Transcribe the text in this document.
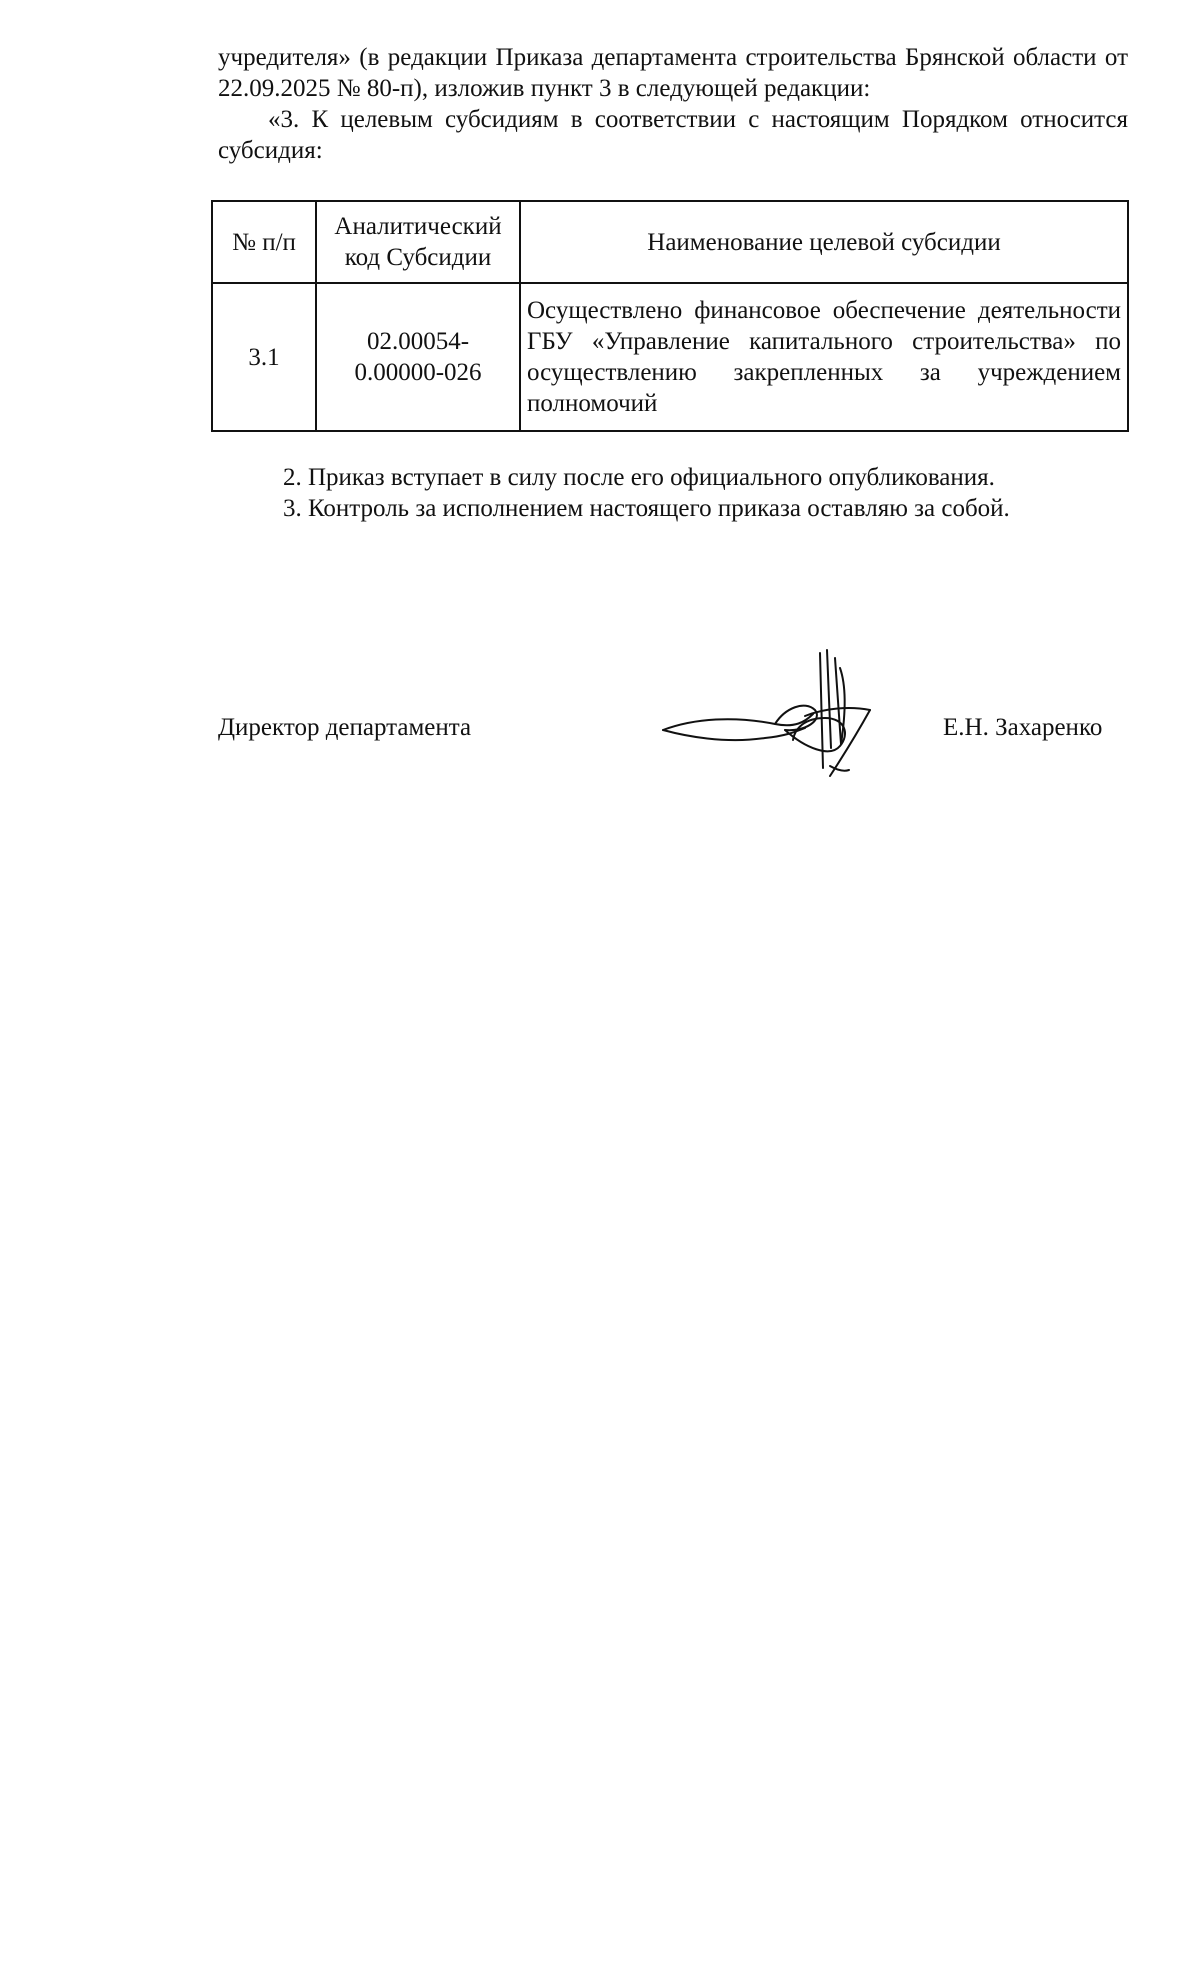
учредителя» (в редакции Приказа департамента строительства Брянской области от 22.09.2025 № 80-п), изложив пункт 3 в следующей редакции:

«3. К целевым субсидиям в соответствии с настоящим Порядком относится субсидия:

№ п/п	Аналитический код Субсидии	Наименование целевой субсидии
3.1	02.00054-0.00000-026	Осуществлено финансовое обеспечение деятельности ГБУ «Управление капитального строительства» по осуществлению закрепленных за учреждением полномочий

2. Приказ вступает в силу после его официального опубликования.

3. Контроль за исполнением настоящего приказа оставляю за собой.

Директор департамента	Е.Н. Захаренко
